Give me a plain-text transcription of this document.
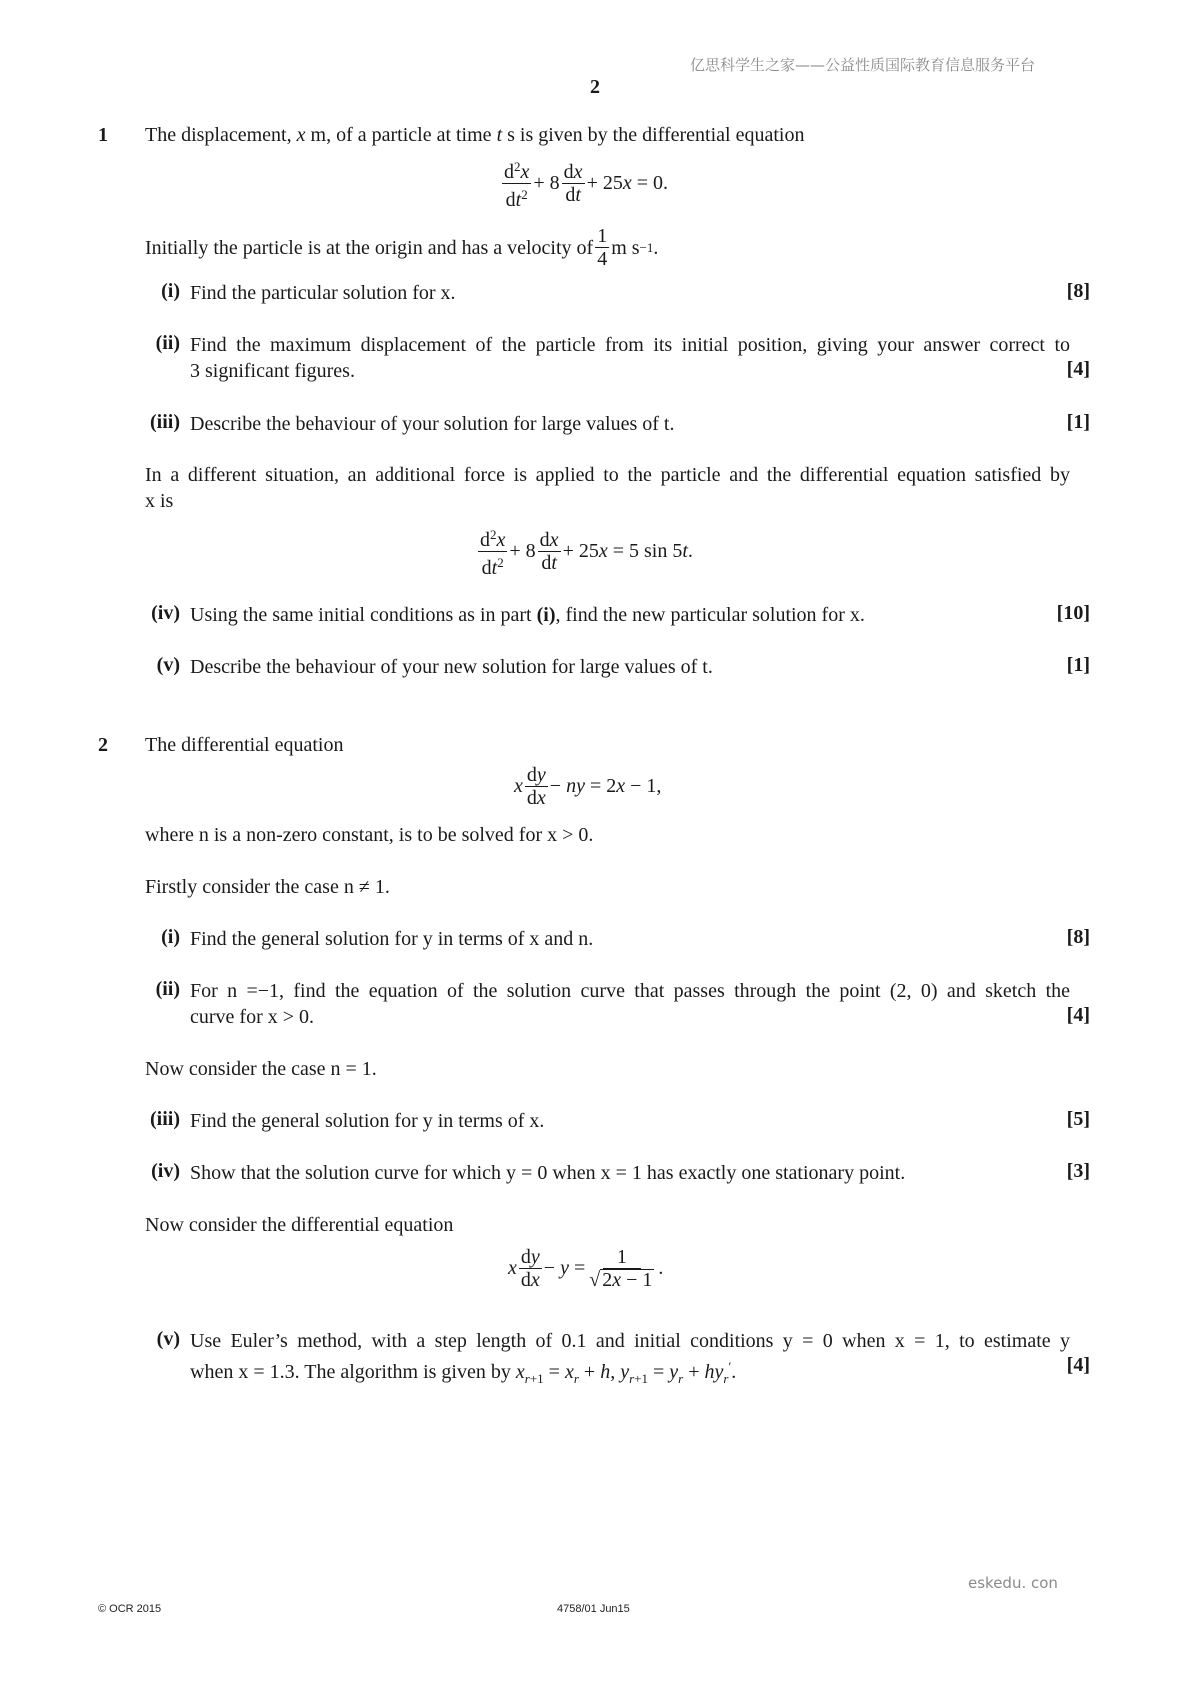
亿思科学生之家——公益性质国际教育信息服务平台
2
1 The displacement, x m, of a particle at time t s is given by the differential equation
$\frac{d^2x}{dt^2} + 8 \frac{dx}{dt} + 25x = 0$.
Initially the particle is at the origin and has a velocity of $\frac{1}{4}$ m s −1 .
(i) Find the particular solution for x.	[8]
(ii) Find the maximum displacement of the particle from its initial position, giving your answer correct to
3 significant figures.	[4]
(iii) Describe the behaviour of your solution for large values of t.	[1]
In a different situation, an additional force is applied to the particle and the differential equation satisfied by
x is
$\frac{d^2x}{dt^2} + 8 \frac{dx}{dt} + 25x = 5$ sin 5t.
(iv) Using the same initial conditions as in part (i), find the new particular solution for x.	[10]
(v) Describe the behaviour of your new solution for large values of t.	[1]
2 The differential equation
x $\frac{dy}{dx}$ − ny = 2x − 1,
where n is a non-zero constant, is to be solved for x > 0.
Firstly consider the case n ≠ 1.
(i) Find the general solution for y in terms of x and n.	[8]
(ii) For n =−1, find the equation of the solution curve that passes through the point (2, 0) and sketch the
curve for x > 0.	[4]
Now consider the case n = 1.
(iii) Find the general solution for y in terms of x.	[5]
(iv) Show that the solution curve for which y = 0 when x = 1 has exactly one stationary point.	[3]
Now consider the differential equation
x $\frac{dy}{dx} - y = \frac{1}{√ 2x - 1}$ .
(v) Use Euler’s method, with a step length of 0.1 and initial conditions y = 0 when x = 1, to estimate y
when x = 1.3. The algorithm is given by $x_{r+1} = x_r + h$, $y_{r+1} = y_r + hy_r'$.	[4]
eskedu. con
© OCR 2015	4758/01 Jun15
